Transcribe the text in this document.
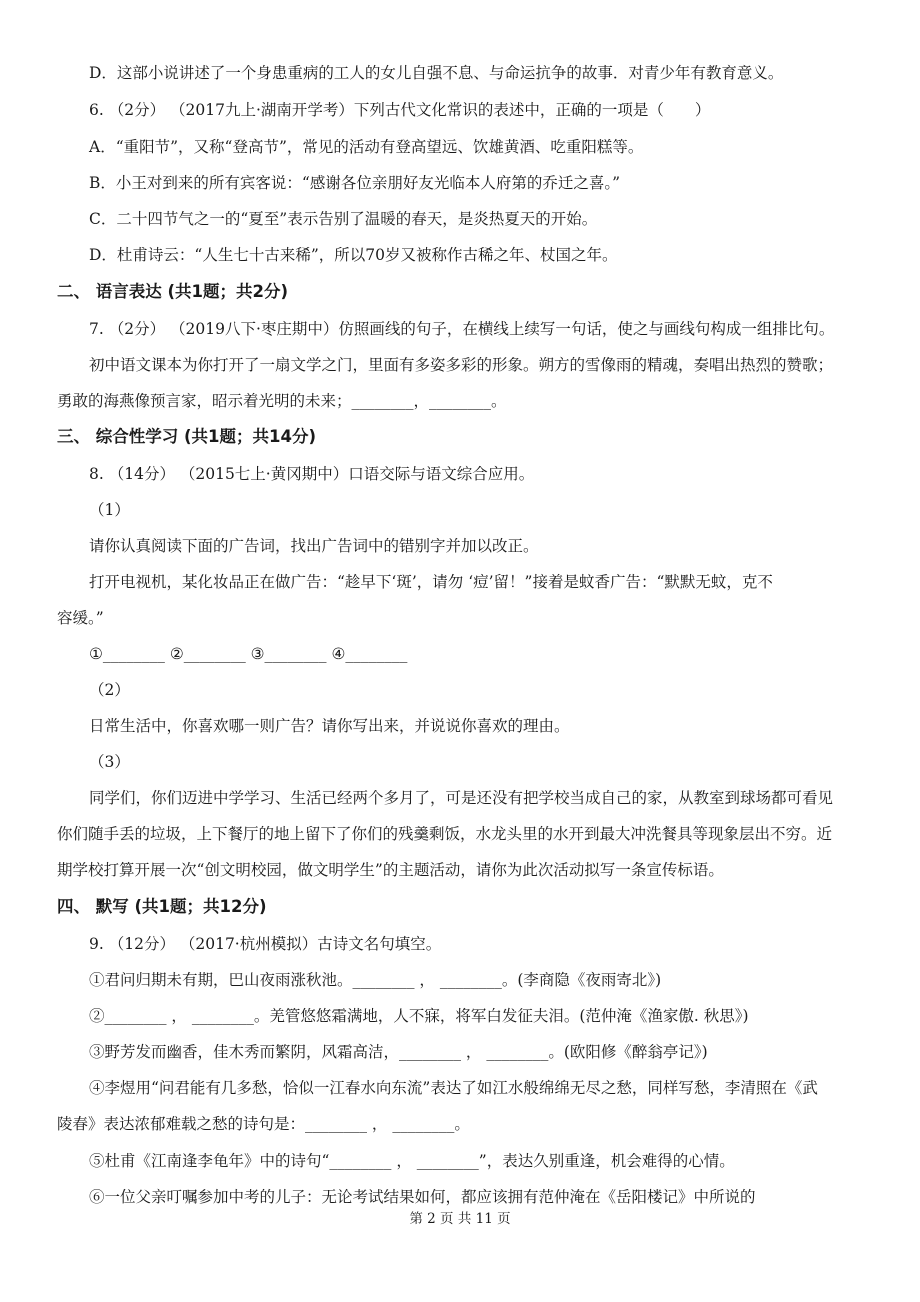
D．这部小说讲述了一个身患重病的工人的女儿自强不息、与命运抗争的故事．对青少年有教育意义。
6. （2分） （2017九上·湖南开学考）下列古代文化常识的表述中，正确的一项是（　　）
A．“重阳节”，又称“登高节”，常见的活动有登高望远、饮雄黄酒、吃重阳糕等。
B．小王对到来的所有宾客说：“感谢各位亲朋好友光临本人府第的乔迁之喜。”
C．二十四节气之一的“夏至”表示告别了温暖的春天，是炎热夏天的开始。
D．杜甫诗云：“人生七十古来稀”，所以70岁又被称作古稀之年、杖国之年。
二、 语言表达 (共1题；共2分)
7. （2分） （2019八下·枣庄期中）仿照画线的句子，在横线上续写一句话，使之与画线句构成一组排比句。
初中语文课本为你打开了一扇文学之门，里面有多姿多彩的形象。朔方的雪像雨的精魂，奏唱出热烈的赞歌；
勇敢的海燕像预言家，昭示着光明的未来；________，________。
三、 综合性学习 (共1题；共14分)
8. （14分） （2015七上·黄冈期中）口语交际与语文综合应用。
（1）
请你认真阅读下面的广告词，找出广告词中的错别字并加以改正。
打开电视机，某化妆品正在做广告：“趁早下‘斑’，请勿 ‘痘’留！”接着是蚊香广告：“默默无蚊，克不
容缓。”
①________ ②________ ③________ ④________
（2）
日常生活中，你喜欢哪一则广告？请你写出来，并说说你喜欢的理由。
（3）
同学们，你们迈进中学学习、生活已经两个多月了，可是还没有把学校当成自己的家，从教室到球场都可看见
你们随手丢的垃圾，上下餐厅的地上留下了你们的残羹剩饭，水龙头里的水开到最大冲洗餐具等现象层出不穷。近
期学校打算开展一次“创文明校园，做文明学生”的主题活动，请你为此次活动拟写一条宣传标语。
四、 默写 (共1题；共12分)
9. （12分） （2017·杭州模拟）古诗文名句填空。
①君问归期未有期，巴山夜雨涨秋池。________ ， ________。(李商隐《夜雨寄北》)
②________ ， ________。羌管悠悠霜满地，人不寐，将军白发征夫泪。(范仲淹《渔家傲. 秋思》)
③野芳发而幽香，佳木秀而繁阴，风霜高洁，________ ， ________。(欧阳修《醉翁亭记》)
④李煜用“问君能有几多愁，恰似一江春水向东流”表达了如江水般绵绵无尽之愁，同样写愁，李清照在《武
陵春》表达浓郁难载之愁的诗句是：________ ， ________。
⑤杜甫《江南逢李龟年》中的诗句“________ ， ________”，表达久别重逢，机会难得的心情。
⑥一位父亲叮嘱参加中考的儿子：无论考试结果如何，都应该拥有范仲淹在《岳阳楼记》中所说的
第 2 页 共 11 页
